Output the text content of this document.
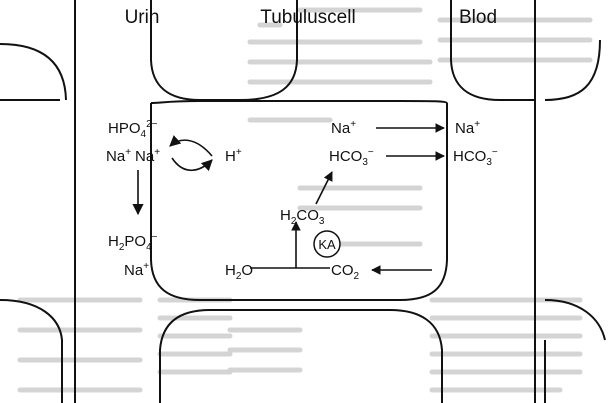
Urin	Tubuluscell	Blod
$HPO_4^{2-}$
Na+ Na+
$H_2PO_4^-$
Na+
H+
Na+
$HCO_3^-$
$H_2CO_3$
KA
$H_2O$	$CO_2$
Na+
$HCO_3^-$
